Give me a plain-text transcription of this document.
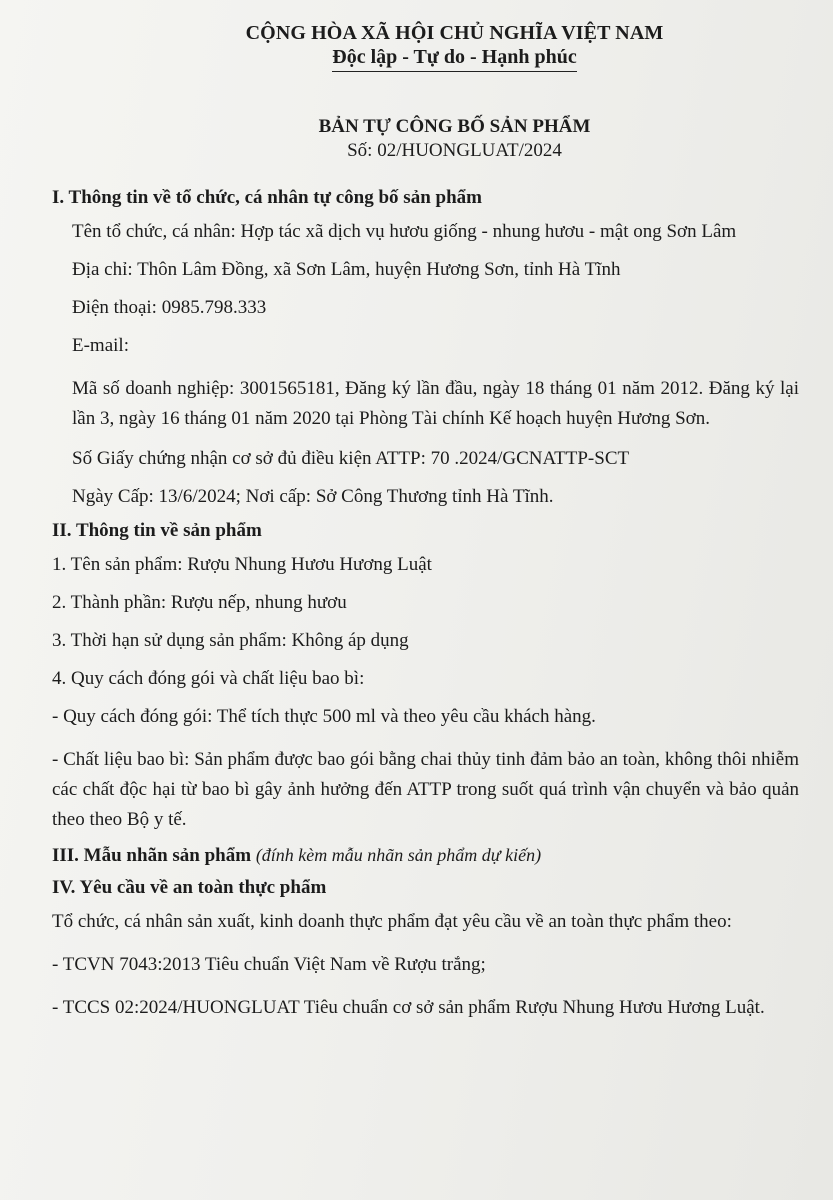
CỘNG HÒA XÃ HỘI CHỦ NGHĨA VIỆT NAM
Độc lập - Tự do - Hạnh phúc
BẢN TỰ CÔNG BỐ SẢN PHẨM
Số: 02/HUONGLUAT/2024
I. Thông tin về tổ chức, cá nhân tự công bố sản phẩm

Tên tổ chức, cá nhân: Hợp tác xã dịch vụ hươu giống - nhung hươu - mật ong Sơn Lâm

Địa chỉ: Thôn Lâm Đồng, xã Sơn Lâm, huyện Hương Sơn, tỉnh Hà Tĩnh

Điện thoại: 0985.798.333

E-mail:

Mã số doanh nghiệp: 3001565181, Đăng ký lần đầu, ngày 18 tháng 01 năm 2012. Đăng ký lại lần 3, ngày 16 tháng 01 năm 2020 tại Phòng Tài chính Kế hoạch huyện Hương Sơn.

Số Giấy chứng nhận cơ sở đủ điều kiện ATTP: 70 .2024/GCNATTP-SCT

Ngày Cấp: 13/6/2024; Nơi cấp: Sở Công Thương tỉnh Hà Tĩnh.

II. Thông tin về sản phẩm

1. Tên sản phẩm: Rượu Nhung Hươu Hương Luật

2. Thành phần: Rượu nếp, nhung hươu

3. Thời hạn sử dụng sản phẩm: Không áp dụng

4. Quy cách đóng gói và chất liệu bao bì:

- Quy cách đóng gói: Thể tích thực 500 ml và theo yêu cầu khách hàng.

- Chất liệu bao bì: Sản phẩm được bao gói bằng chai thủy tinh đảm bảo an toàn, không thôi nhiễm các chất độc hại từ bao bì gây ảnh hưởng đến ATTP trong suốt quá trình vận chuyển và bảo quản theo theo Bộ y tế.

III. Mẫu nhãn sản phẩm (đính kèm mẫu nhãn sản phẩm dự kiến)
IV. Yêu cầu về an toàn thực phẩm

Tổ chức, cá nhân sản xuất, kinh doanh thực phẩm đạt yêu cầu về an toàn thực phẩm theo:

- TCVN 7043:2013 Tiêu chuẩn Việt Nam về Rượu trắng;

- TCCS 02:2024/HUONGLUAT Tiêu chuẩn cơ sở sản phẩm Rượu Nhung Hươu Hương Luật.
